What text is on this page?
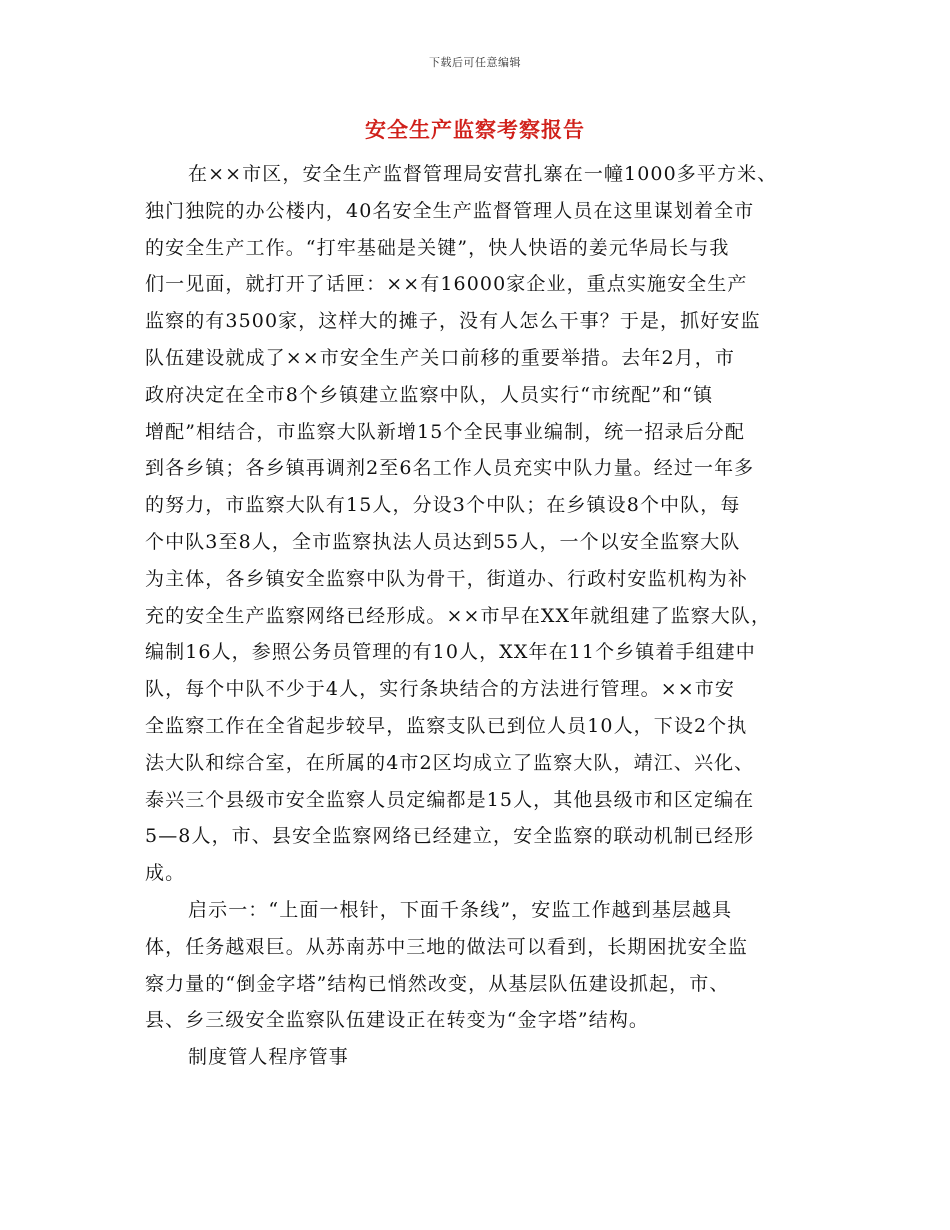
下载后可任意编辑
安全生产监察考察报告
在××市区，安全生产监督管理局安营扎寨在一幢1000多平方米、
独门独院的办公楼内，40名安全生产监督管理人员在这里谋划着全市
的安全生产工作。“打牢基础是关键”，快人快语的姜元华局长与我
们一见面，就打开了话匣：××有16000家企业，重点实施安全生产
监察的有3500家，这样大的摊子，没有人怎么干事？于是，抓好安监
队伍建设就成了××市安全生产关口前移的重要举措。去年2月，市
政府决定在全市8个乡镇建立监察中队，人员实行“市统配”和“镇
增配”相结合，市监察大队新增15个全民事业编制，统一招录后分配
到各乡镇；各乡镇再调剂2至6名工作人员充实中队力量。经过一年多
的努力，市监察大队有15人，分设3个中队；在乡镇设8个中队，每
个中队3至8人，全市监察执法人员达到55人，一个以安全监察大队
为主体，各乡镇安全监察中队为骨干，街道办、行政村安监机构为补
充的安全生产监察网络已经形成。××市早在XX年就组建了监察大队，
编制16人，参照公务员管理的有10人，XX年在11个乡镇着手组建中
队，每个中队不少于4人，实行条块结合的方法进行管理。××市安
全监察工作在全省起步较早，监察支队已到位人员10人，下设2个执
法大队和综合室，在所属的4市2区均成立了监察大队，靖江、兴化、
泰兴三个县级市安全监察人员定编都是15人，其他县级市和区定编在
5—8人，市、县安全监察网络已经建立，安全监察的联动机制已经形
成。
启示一：“上面一根针，下面千条线”，安监工作越到基层越具
体，任务越艰巨。从苏南苏中三地的做法可以看到，长期困扰安全监
察力量的“倒金字塔”结构已悄然改变，从基层队伍建设抓起，市、
县、乡三级安全监察队伍建设正在转变为“金字塔”结构。
制度管人程序管事
